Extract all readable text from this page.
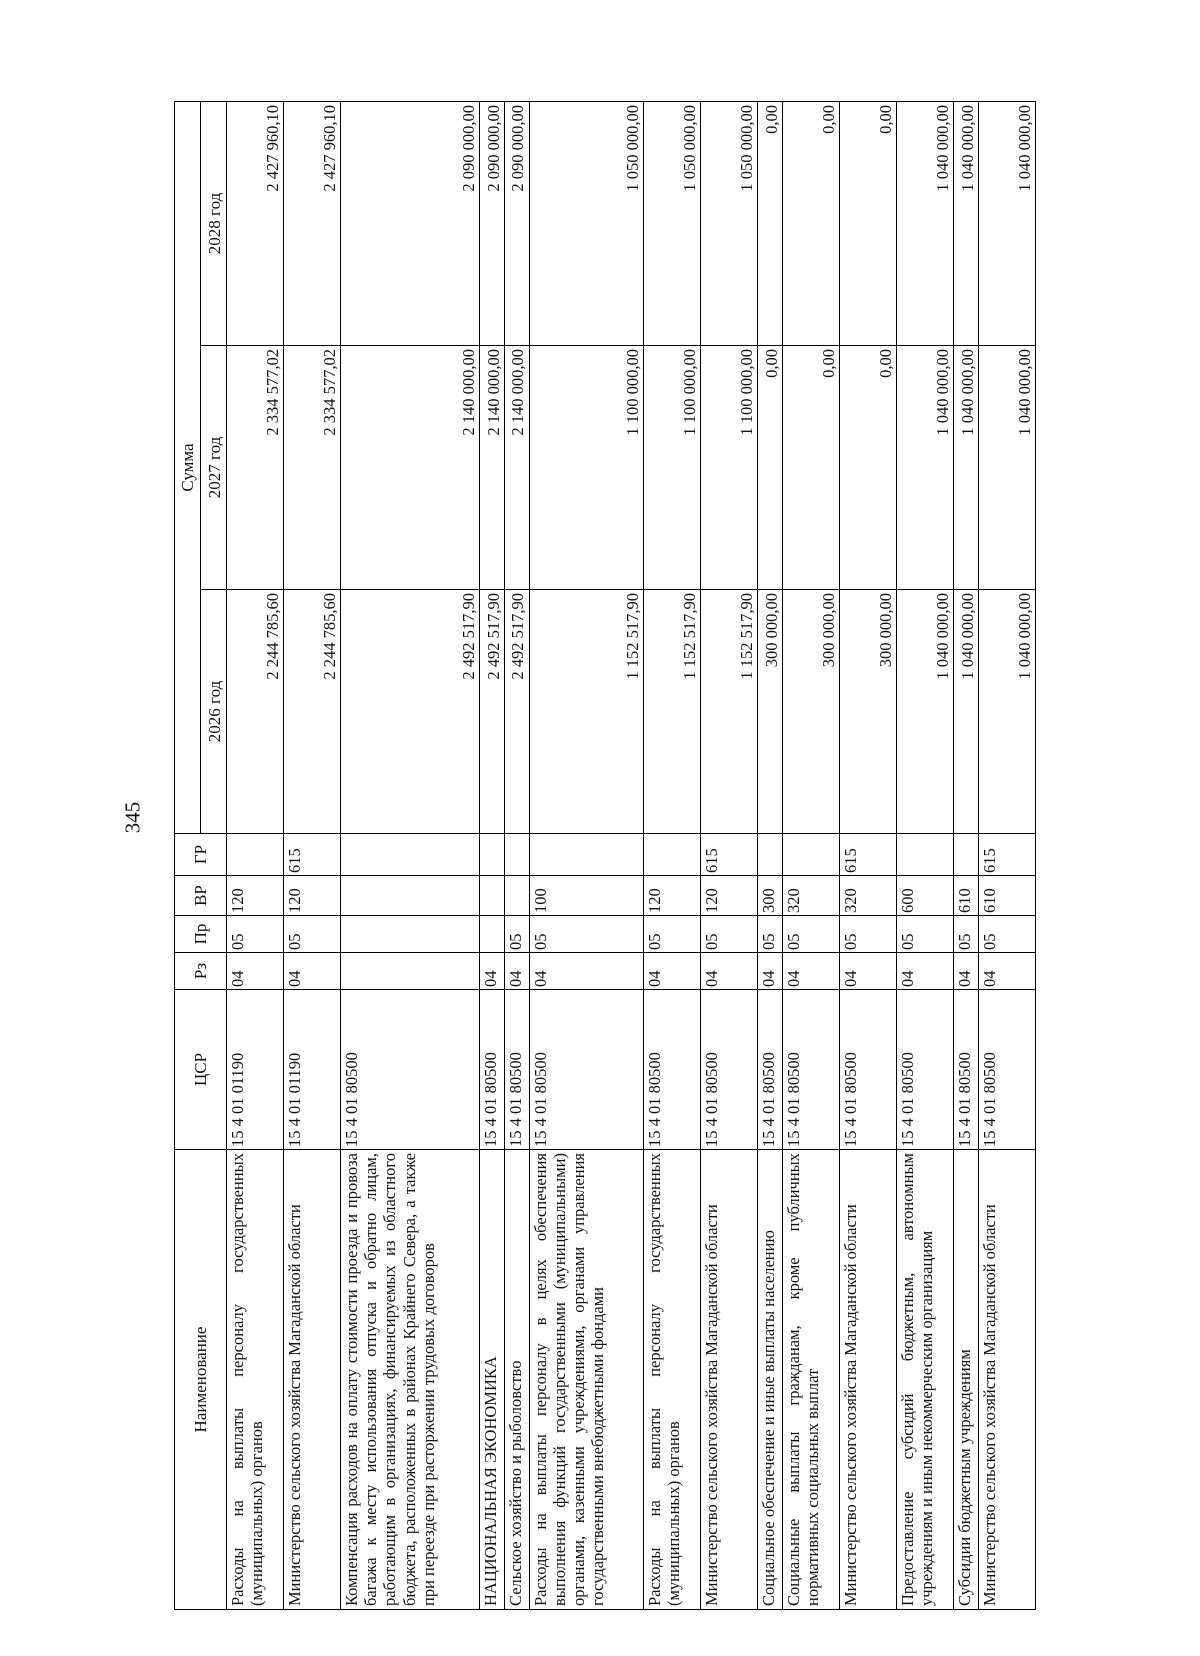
345
Наименование	ЦСР	Рз	Пр	ВР	ГР	Сумма		
						2026 год	2027 год	2028 год
Расходы на выплаты персоналу государственных (муниципальных) органов	15 4 01 01190	04	05	120		2 244 785,60	2 334 577,02	2 427 960,10
Министерство сельского хозяйства Магаданской области	15 4 01 01190	04	05	120	615	2 244 785,60	2 334 577,02	2 427 960,10
Компенсация расходов на оплату стоимости проезда и провоза багажа к месту использования отпуска и обратно лицам, работающим в организациях, финансируемых из областного бюджета, расположенных в районах Крайнего Севера, а также при переезде при расторжении трудовых договоров	15 4 01 80500					2 492 517,90	2 140 000,00	2 090 000,00
НАЦИОНАЛЬНАЯ ЭКОНОМИКА	15 4 01 80500	04				2 492 517,90	2 140 000,00	2 090 000,00
Сельское хозяйство и рыболовство	15 4 01 80500	04	05			2 492 517,90	2 140 000,00	2 090 000,00
Расходы на выплаты персоналу в целях обеспечения выполнения функций государственными (муниципальными) органами, казенными учреждениями, органами управления государственными внебюджетными фондами	15 4 01 80500	04	05	100		1 152 517,90	1 100 000,00	1 050 000,00
Расходы на выплаты персоналу государственных (муниципальных) органов	15 4 01 80500	04	05	120		1 152 517,90	1 100 000,00	1 050 000,00
Министерство сельского хозяйства Магаданской области	15 4 01 80500	04	05	120	615	1 152 517,90	1 100 000,00	1 050 000,00
Социальное обеспечение и иные выплаты населению	15 4 01 80500	04	05	300		300 000,00	0,00	0,00
Социальные выплаты гражданам, кроме публичных нормативных социальных выплат	15 4 01 80500	04	05	320		300 000,00	0,00	0,00
Министерство сельского хозяйства Магаданской области	15 4 01 80500	04	05	320	615	300 000,00	0,00	0,00
Предоставление субсидий бюджетным, автономным учреждениям и иным некоммерческим организациям	15 4 01 80500	04	05	600		1 040 000,00	1 040 000,00	1 040 000,00
Субсидии бюджетным учреждениям	15 4 01 80500	04	05	610		1 040 000,00	1 040 000,00	1 040 000,00
Министерство сельского хозяйства Магаданской области	15 4 01 80500	04	05	610	615	1 040 000,00	1 040 000,00	1 040 000,00
